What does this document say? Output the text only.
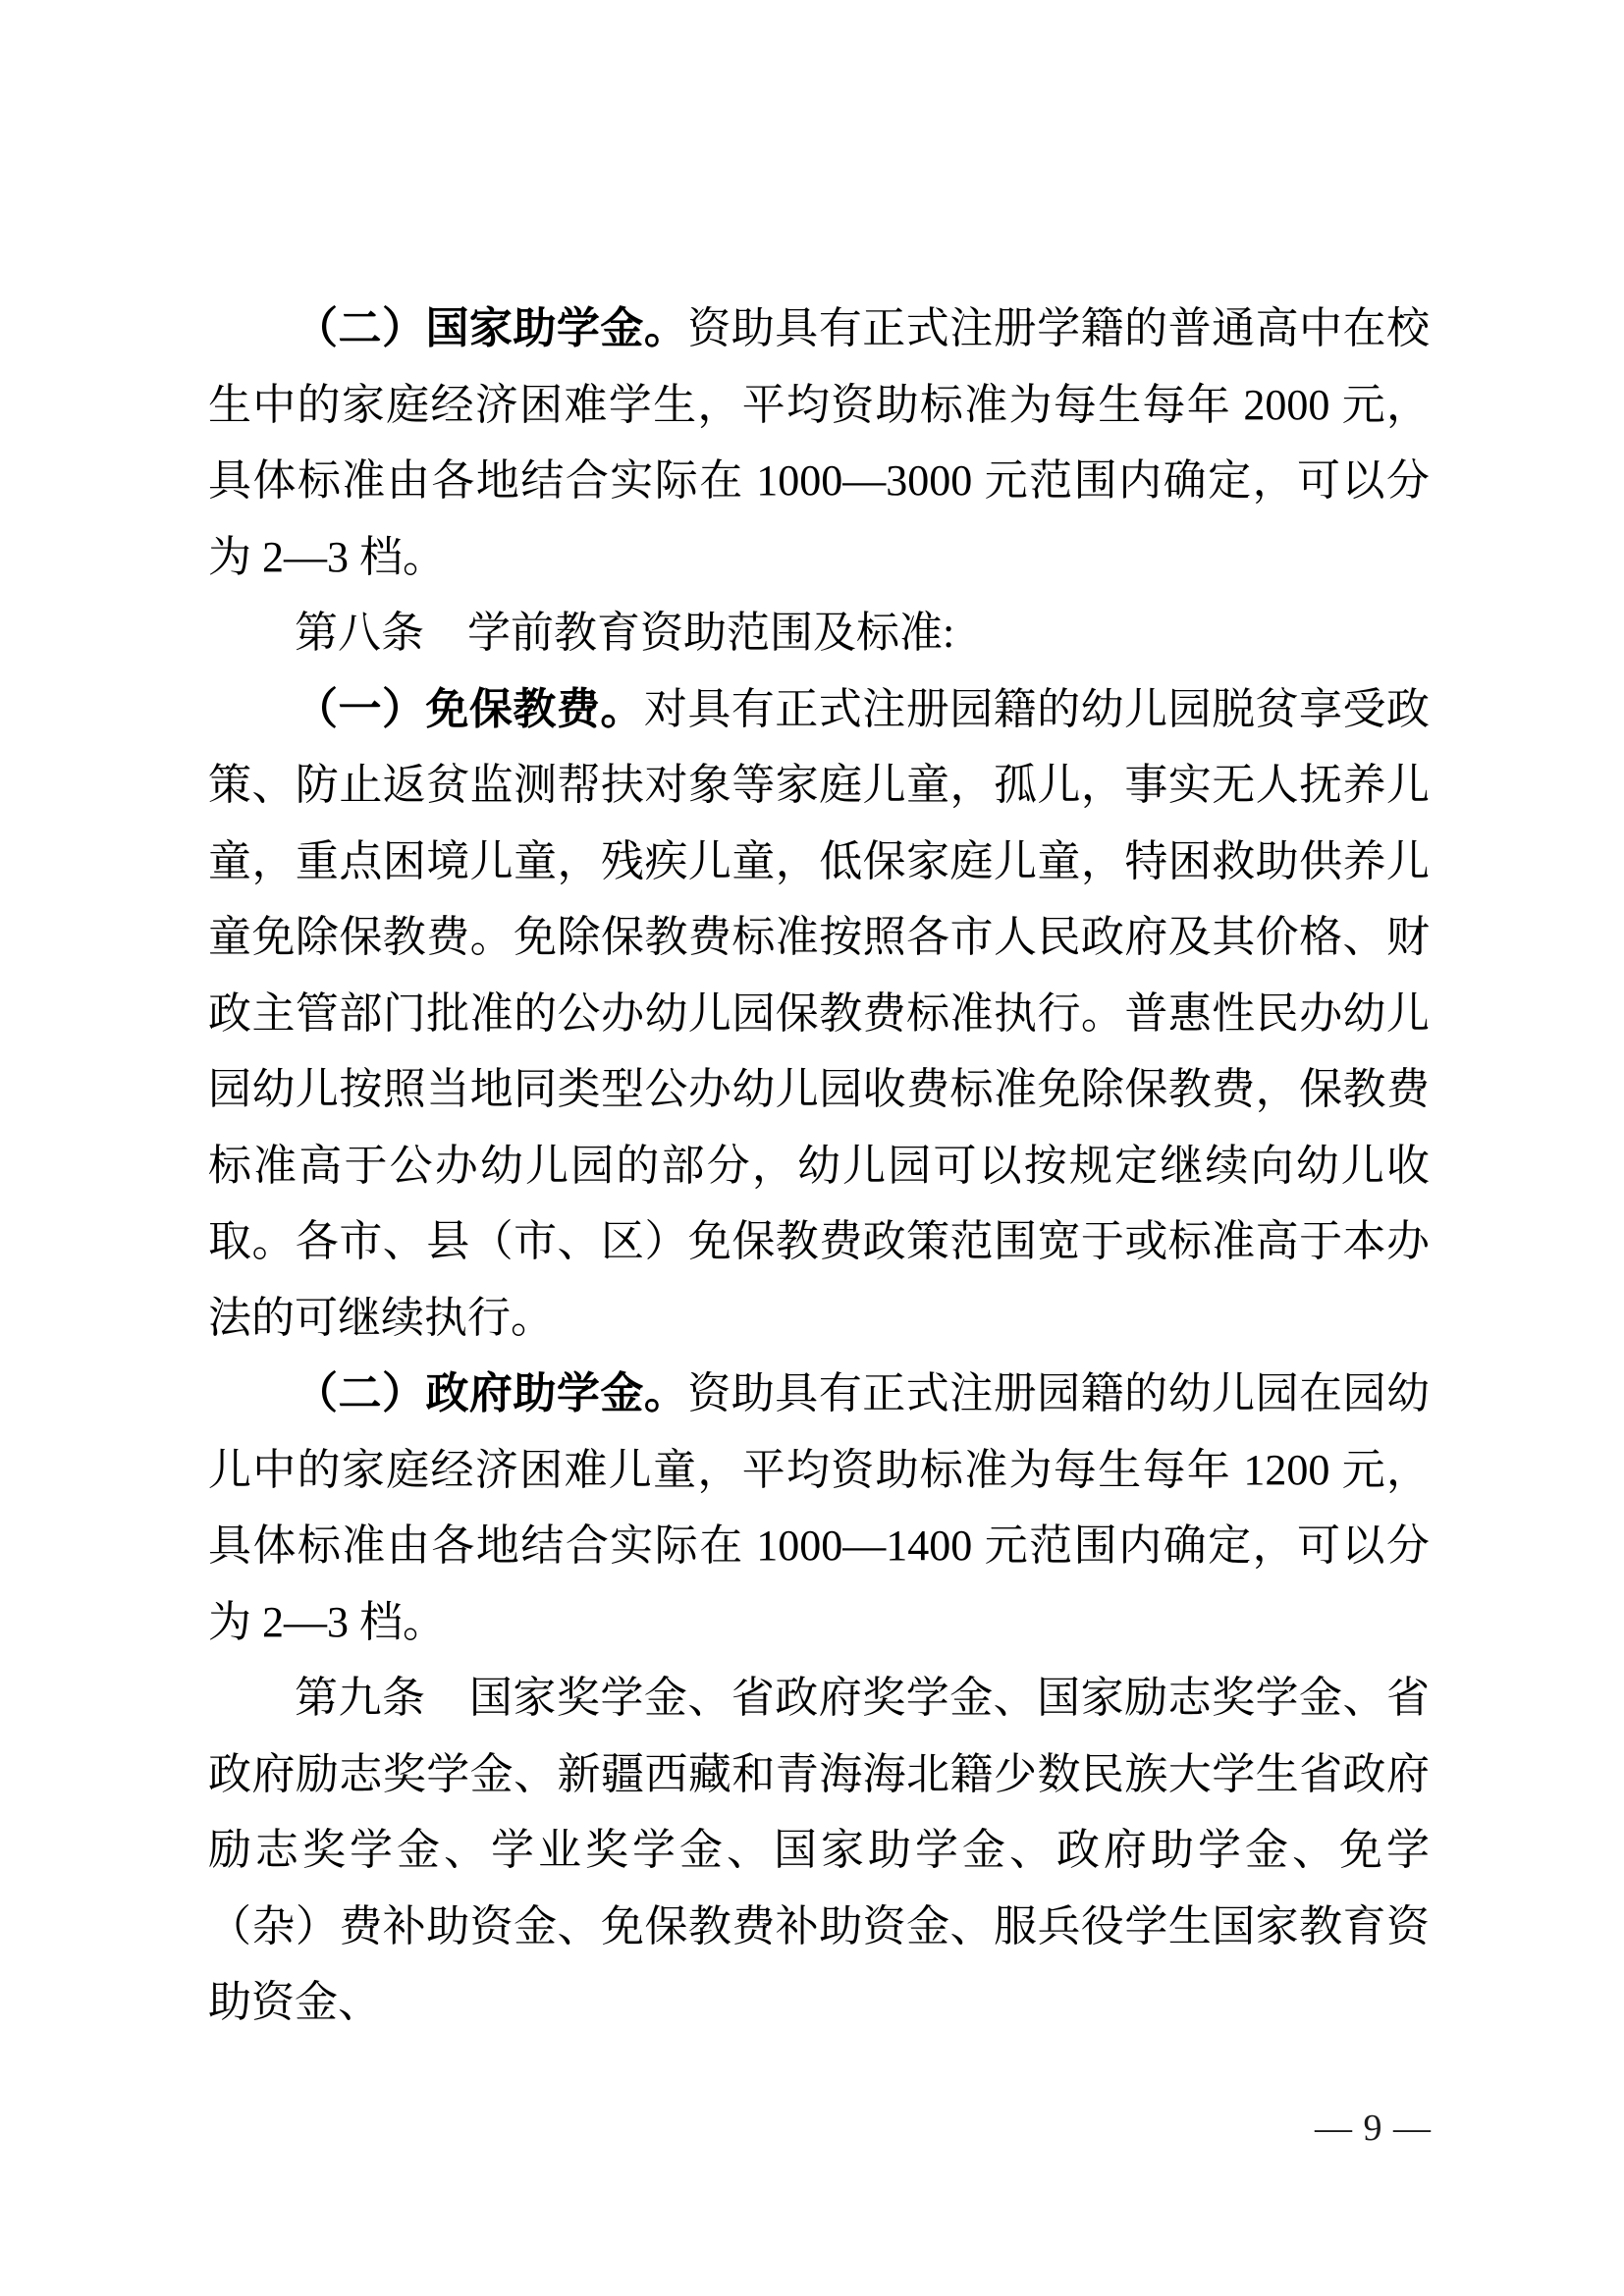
（二）国家助学金。资助具有正式注册学籍的普通高中在校生中的家庭经济困难学生，平均资助标准为每生每年 2000 元，具体标准由各地结合实际在 1000—3000 元范围内确定，可以分为 2—3 档。

第八条　学前教育资助范围及标准:

（一）免保教费。对具有正式注册园籍的幼儿园脱贫享受政策、防止返贫监测帮扶对象等家庭儿童，孤儿，事实无人抚养儿童，重点困境儿童，残疾儿童，低保家庭儿童，特困救助供养儿童免除保教费。免除保教费标准按照各市人民政府及其价格、财政主管部门批准的公办幼儿园保教费标准执行。普惠性民办幼儿园幼儿按照当地同类型公办幼儿园收费标准免除保教费，保教费标准高于公办幼儿园的部分，幼儿园可以按规定继续向幼儿收取。各市、县（市、区）免保教费政策范围宽于或标准高于本办法的可继续执行。

（二）政府助学金。资助具有正式注册园籍的幼儿园在园幼儿中的家庭经济困难儿童，平均资助标准为每生每年 1200 元，具体标准由各地结合实际在 1000—1400 元范围内确定，可以分为 2—3 档。

第九条　国家奖学金、省政府奖学金、国家励志奖学金、省政府励志奖学金、新疆西藏和青海海北籍少数民族大学生省政府励志奖学金、学业奖学金、国家助学金、政府助学金、免学（杂）费补助资金、免保教费补助资金、服兵役学生国家教育资助资金、

— 9 —
